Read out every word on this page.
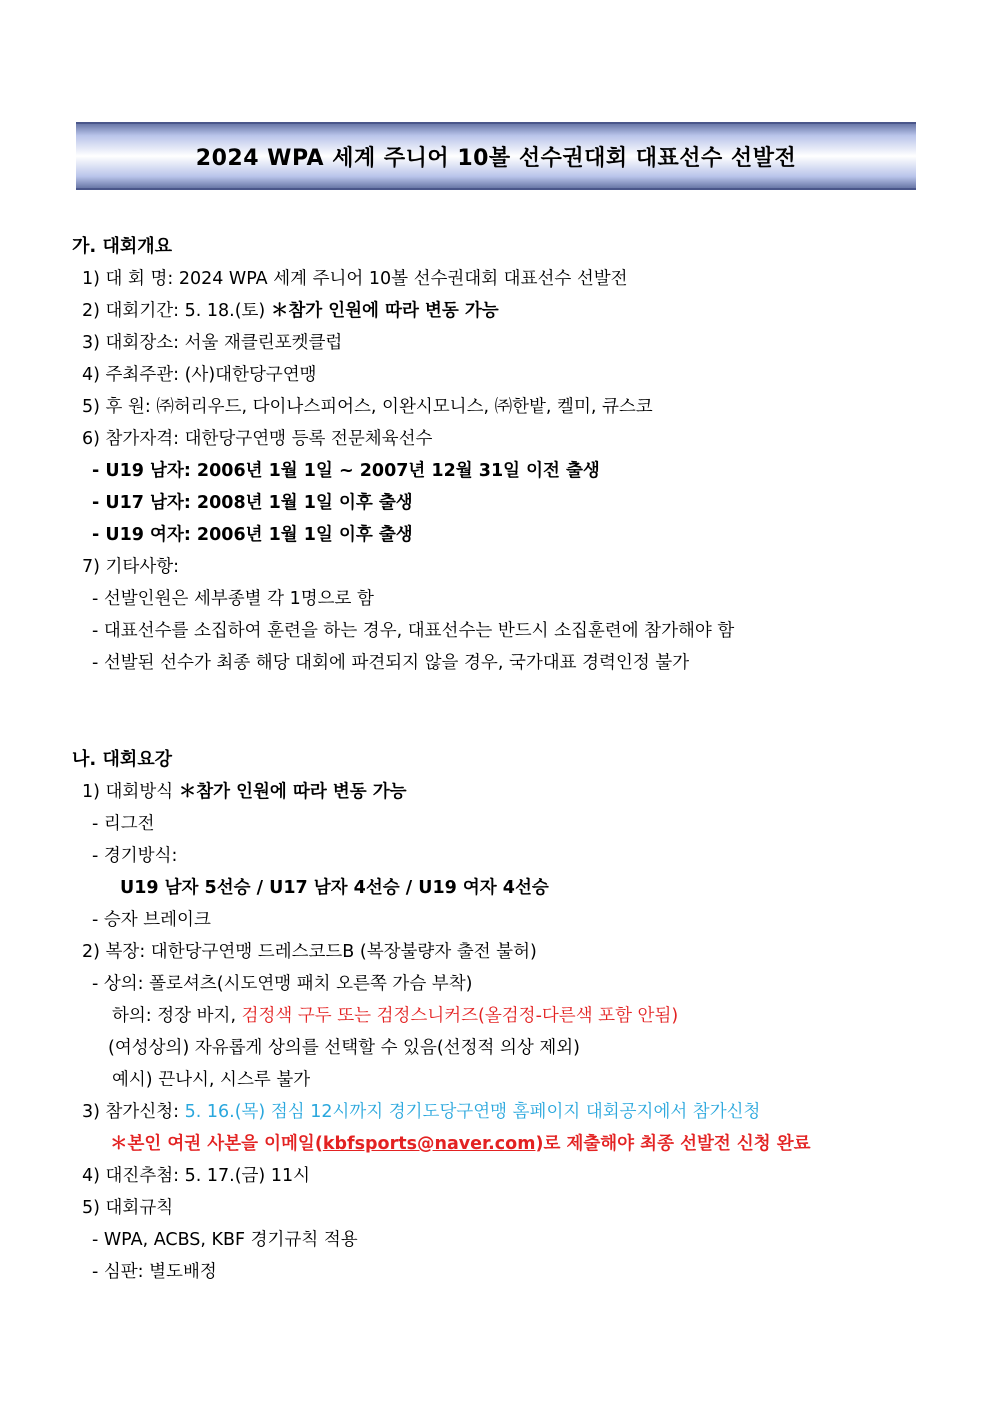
2024 WPA 세계 주니어 10볼 선수권대회 대표선수 선발전
가. 대회개요
1) 대 회 명: 2024 WPA 세계 주니어 10볼 선수권대회 대표선수 선발전
2) 대회기간: 5. 18.(토) ＊참가 인원에 따라 변동 가능
3) 대회장소: 서울 재클린포켓클럽
4) 주최주관: (사)대한당구연맹
5) 후 원: ㈜허리우드, 다이나스피어스, 이완시모니스, ㈜한밭, 켈미, 큐스코
6) 참가자격: 대한당구연맹 등록 전문체육선수
- U19 남자: 2006년 1월 1일 ~ 2007년 12월 31일 이전 출생
- U17 남자: 2008년 1월 1일 이후 출생
- U19 여자: 2006년 1월 1일 이후 출생
7) 기타사항:
- 선발인원은 세부종별 각 1명으로 함
- 대표선수를 소집하여 훈련을 하는 경우, 대표선수는 반드시 소집훈련에 참가해야 함
- 선발된 선수가 최종 해당 대회에 파견되지 않을 경우, 국가대표 경력인정 불가
나. 대회요강
1) 대회방식 ＊참가 인원에 따라 변동 가능
- 리그전
- 경기방식:
U19 남자 5선승 / U17 남자 4선승 / U19 여자 4선승
- 승자 브레이크
2) 복장: 대한당구연맹 드레스코드B (복장불량자 출전 불허)
- 상의: 폴로셔츠(시도연맹 패치 오른쪽 가슴 부착)
하의: 정장 바지, 검정색 구두 또는 검정스니커즈(올검정-다른색 포함 안됨)
(여성상의) 자유롭게 상의를 선택할 수 있음(선정적 의상 제외)
예시) 끈나시, 시스루 불가
3) 참가신청: 5. 16.(목) 점심 12시까지 경기도당구연맹 홈페이지 대회공지에서 참가신청
＊본인 여권 사본을 이메일(kbfsports@naver.com)로 제출해야 최종 선발전 신청 완료
4) 대진추첨: 5. 17.(금) 11시
5) 대회규칙
- WPA, ACBS, KBF 경기규칙 적용
- 심판: 별도배정
